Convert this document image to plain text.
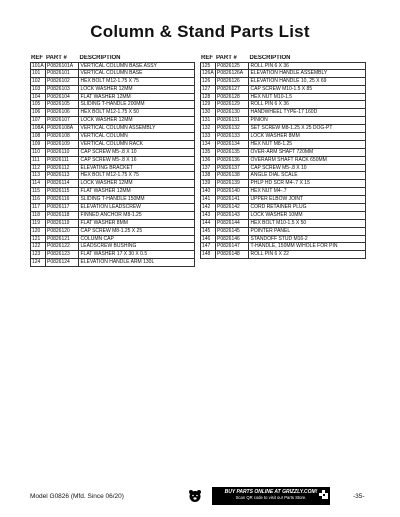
Column & Stand Parts List
REF PART #	DESCRIPTION
101A P0826101A	VERTICAL COLUMN BASE ASSY
101	P0826101	VERTICAL COLUMN BASE
102	P0826102	HEX BOLT M12-1.75 X 75
103	P0826103	LOCK WASHER 12MM
104	P0826104	FLAT WASHER 12MM
105	P0826105	SLIDING T-HANDLE 200MM
106	P0826106	HEX BOLT M12-1.75 X 50
107	P0826107	LOCK WASHER 12MM
108A P0826108A	VERTICAL COLUMN ASSEMBLY
108	P0826108	VERTICAL COLUMN
109	P0826109	VERTICAL COLUMN RACK
110	P0826110	CAP SCREW M5-.8 X 10
111	P0826111	CAP SCREW M5-.8 X 16
112	P0826112	ELEVATING BRACKET
113	P0826113	HEX BOLT M12-1.75 X 75
114	P0826114	LOCK WASHER 12MM
115	P0826115	FLAT WASHER 12MM
116	P0826116	SLIDING T-HANDLE 150MM
117	P0826117	ELEVATION LEADSCREW
118	P0826118	FINNED ANCHOR M8-1.25
119	P0826119	FLAT WASHER 8MM
120	P0826120	CAP SCREW M8-1.25 X 25
121	P0826121	COLUMN CAP
122	P0826122	LEADSCREW BUSHING
123	P0826123	FLAT WASHER 17 X 30 X 0.5
124	P0826124	ELEVATION HANDLE ARM 130L
REF PART #	DESCRIPTION
125	P0826125	ROLL PIN 6 X 36
126A P0826126A	ELEVATION HANDLE ASSEMBLY
126	P0826126	ELEVATION HANDLE 10, 25 X 69
127	P0826127	CAP SCREW M10-1.5 X 85
128	P0826128	HEX NUT M10-1.5
129	P0826129	ROLL PIN 6 X 36
130	P0826130	HANDWHEEL TYPE-17 160D
131	P0826131	PINION
132	P0826132	SET SCREW M8-1.25 X 25 DOG-PT
133	P0826133	LOCK WASHER 8MM
134	P0826134	HEX NUT M8-1.25
135	P0826135	OVER-ARM SHAFT 720MM
136	P0826136	OVERARM SHAFT RACK 650MM
137	P0826137	CAP SCREW M5-.8 X 10
138	P0826138	ANGLE DIAL SCALE
139	P0826139	PHLP HD SCR M4-.7 X 15
140	P0826140	HEX NUT M4-.7
141	P0826141	UPPER ELBOW JOINT
142	P0826142	CORD RETAINER PLUG
143	P0826143	LOCK WASHER 10MM
144	P0826144	HEX BOLT M10-1.5 X 50
145	P0826145	POINTER PANEL
146	P0826146	STANDOFF STUD M16-2
147	P0826147	T-HANDLE, 150MM W/HOLE FOR PIN
148	P0826148	ROLL PIN 6 X 22
Model G0826 (Mfd. Since 06/20)
BUY PARTS ONLINE AT GRIZZLY.COM!
Scan QR code to visit our Parts Store.	-35-
